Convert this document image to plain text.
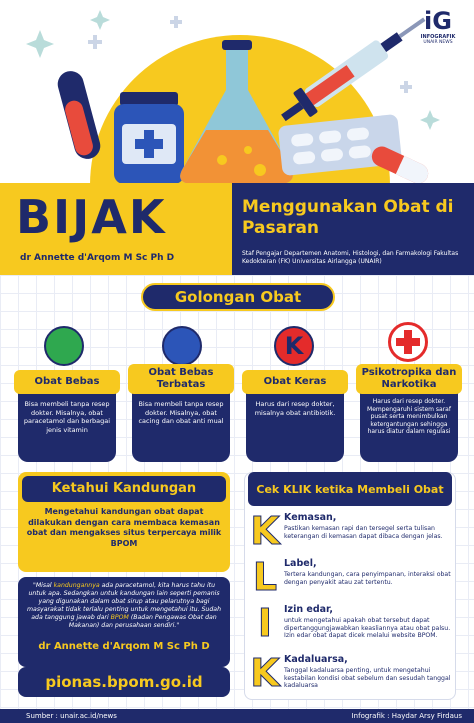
iG
INFOGRAFIK
UNAIR NEWS
BIJAK
dr Annette d'Arqom M Sc Ph D
Menggunakan Obat di Pasaran
Staf Pengajar Departemen Anatomi, Histologi, dan Farmakologi Fakultas Kedokteran (FK) Universitas Airlangga (UNAIR)
Golongan Obat
Obat Bebas
Bisa membeli tanpa resep dokter. Misalnya, obat paracetamol dan berbagai jenis vitamin
Obat Bebas Terbatas
Bisa membeli tanpa resep dokter. Misalnya, obat cacing dan obat anti mual
K
Obat Keras
Harus dari resep dokter, misalnya obat antibiotik.
Psikotropika dan Narkotika
Harus dari resep dokter. Mempengaruhi sistem saraf pusat serta menimbulkan ketergantungan sehingga harus diatur dalam regulasi
Ketahui Kandungan
Mengetahui kandungan obat dapat dilakukan dengan cara membaca kemasan obat dan mengakses situs terpercaya milik BPOM
"Misal kandungannya ada paracetamol, kita harus tahu itu untuk apa. Sedangkan untuk kandungan lain seperti pemanis yang digunakan dalam obat sirup atau pelarutnya bagi masyarakat tidak terlalu penting untuk mengetahui itu. Sudah ada tanggung jawab dari BPOM (Badan Pengawas Obat dan Makanan) dan perusahaan sendiri."
dr Annette d'Arqom M Sc Ph D
pionas.bpom.go.id
Cek KLIK ketika Membeli Obat
K Kemasan,
Pastikan kemasan rapi dan tersegel serta tulisan keterangan di kemasan dapat dibaca dengan jelas.
L Label,
Tertera kandungan, cara penyimpanan, interaksi obat dengan penyakit atau zat tertentu.
I	Izin edar,
untuk mengetahui apakah obat tersebut dapat dipertanggungjawabkan keasliannya atau obat palsu. Izin edar obat dapat dicek melalui website BPOM.
K Kadaluarsa,
Tanggal kadaluarsa penting, untuk mengetahui kestabilan kondisi obat sebelum dan sesudah tanggal kadaluarsa
Sumber : unair.ac.id/news	Infografik : Haydar Arsy Firdaus
